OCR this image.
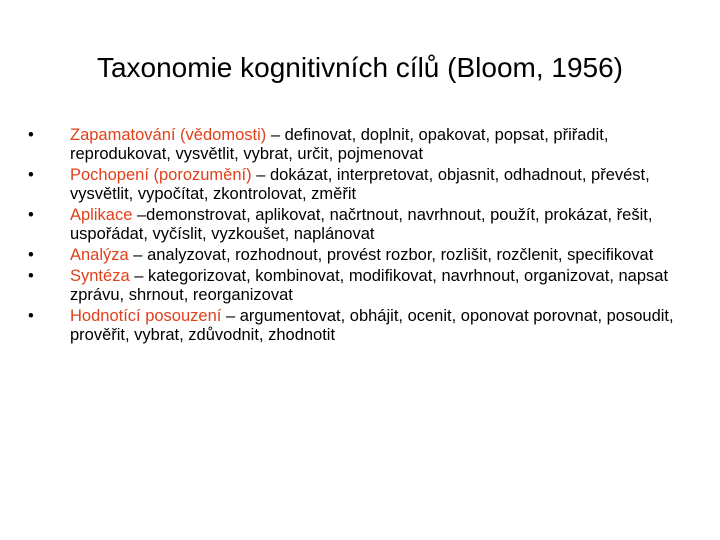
Taxonomie kognitivních cílů (Bloom, 1956)
•	Zapamatování (vědomosti) – definovat, doplnit, opakovat, popsat, přiřadit, reprodukovat, vysvětlit, vybrat, určit, pojmenovat
•	Pochopení (porozumění) – dokázat, interpretovat, objasnit, odhadnout, převést, vysvětlit, vypočítat, zkontrolovat, změřit
•	Aplikace –demonstrovat, aplikovat, načrtnout, navrhnout, použít, prokázat, řešit, uspořádat, vyčíslit, vyzkoušet, naplánovat
•	Analýza – analyzovat, rozhodnout, provést rozbor, rozlišit, rozčlenit, specifikovat
•	Syntéza – kategorizovat, kombinovat, modifikovat, navrhnout, organizovat, napsat zprávu, shrnout, reorganizovat
•	Hodnotící posouzení – argumentovat, obhájit, ocenit, oponovat porovnat, posoudit, prověřit, vybrat, zdůvodnit, zhodnotit
